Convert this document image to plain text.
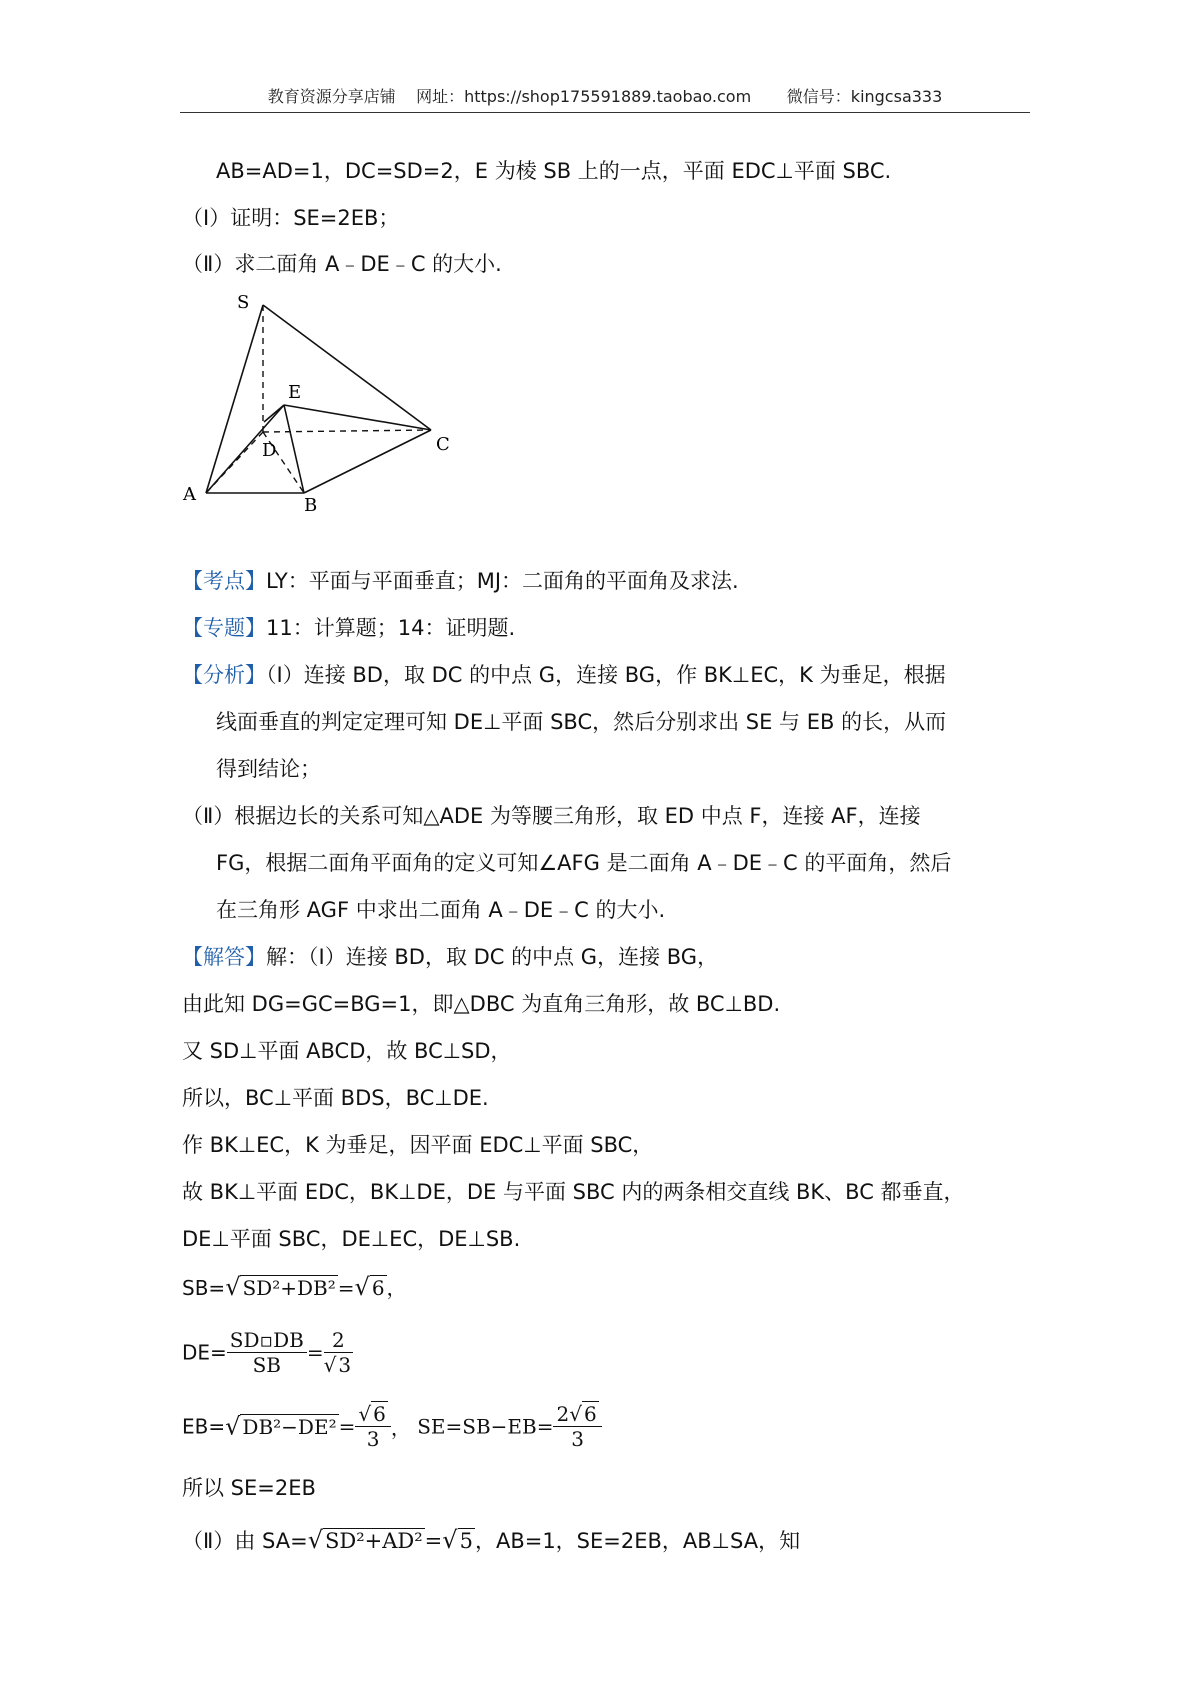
教育资源分享店铺 网址：https://shop175591889.taobao.com 微信号：kingcsa333
AB=AD=1，DC=SD=2，E 为棱 SB 上的一点，平面 EDC⊥平面 SBC.
（Ⅰ）证明：SE=2EB；
（Ⅱ）求二面角 A﹣DE﹣C 的大小.
S
E
D	C
A
B
【考点】LY：平面与平面垂直；MJ：二面角的平面角及求法.
【专题】11：计算题；14：证明题.
【分析】（Ⅰ）连接 BD，取 DC 的中点 G，连接 BG，作 BK⊥EC，K 为垂足，根据
线面垂直的判定定理可知 DE⊥平面 SBC，然后分别求出 SE 与 EB 的长，从而
得到结论；
（Ⅱ）根据边长的关系可知△ADE 为等腰三角形，取 ED 中点 F，连接 AF，连接
FG，根据二面角平面角的定义可知∠AFG 是二面角 A﹣DE﹣C 的平面角，然后
在三角形 AGF 中求出二面角 A﹣DE﹣C 的大小.
【解答】解：（Ⅰ）连接 BD，取 DC 的中点 G，连接 BG，
由此知 DG=GC=BG=1，即△DBC 为直角三角形，故 BC⊥BD.
又 SD⊥平面 ABCD，故 BC⊥SD，
所以，BC⊥平面 BDS，BC⊥DE.
作 BK⊥EC，K 为垂足，因平面 EDC⊥平面 SBC，
故 BK⊥平面 EDC，BK⊥DE，DE 与平面 SBC 内的两条相交直线 BK、BC 都垂直，
DE⊥平面 SBC，DE⊥EC，DE⊥SB.
SB=√ SD²+DB² =√ 6 ，
$DE= \frac{SD▫DB}{SB} = \frac{2}{√ 3}$
EB=√ $DB^2-DE^2 = \frac{√ 6}{3}$ ， $SE=SB-EB= \frac{2√ 6}{3}$
所以 SE=2EB
（Ⅱ）由 SA=√SD²+AD²=√5，AB=1，SE=2EB，AB⊥SA，知
